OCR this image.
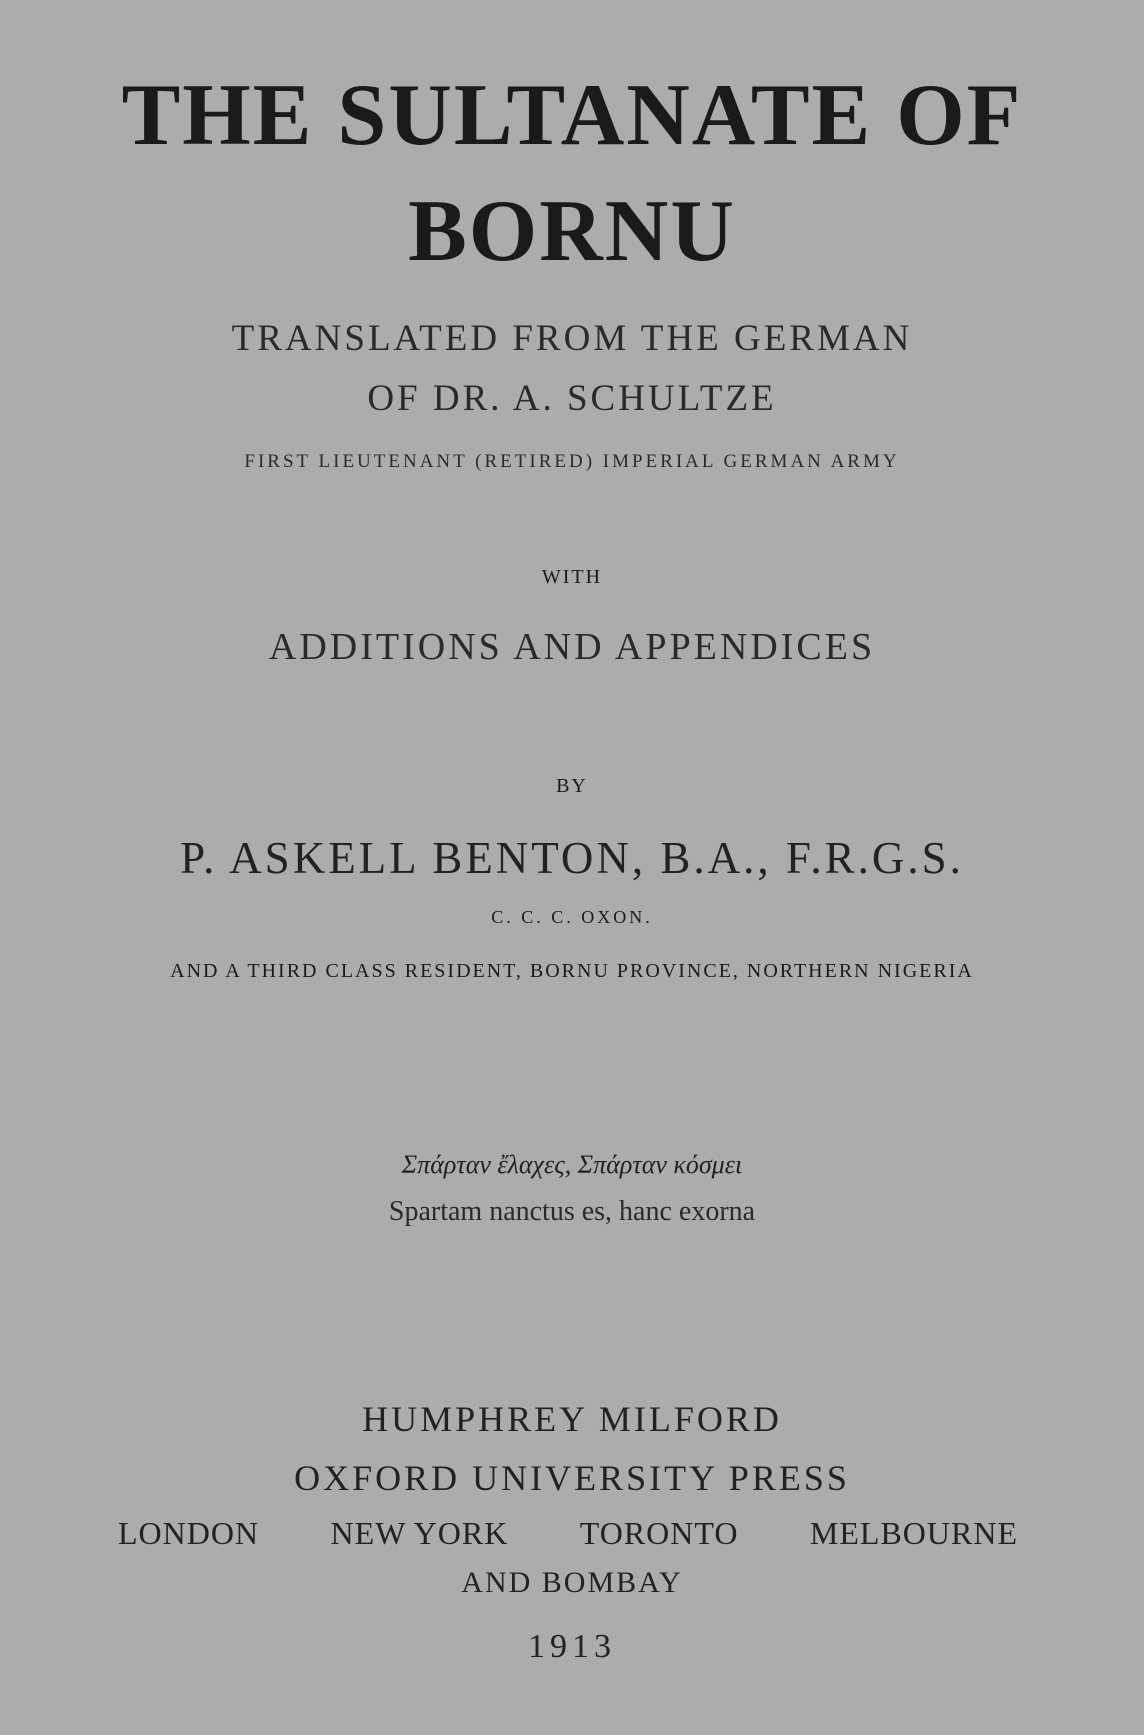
THE SULTANATE OF
BORNU

TRANSLATED FROM THE GERMAN

OF DR. A. SCHULTZE

FIRST LIEUTENANT (RETIRED) IMPERIAL GERMAN ARMY

WITH

ADDITIONS AND APPENDICES

BY

P. ASKELL BENTON, B.A., F.R.G.S.

C. C. C. OXON.

AND A THIRD CLASS RESIDENT, BORNU PROVINCE, NORTHERN NIGERIA

Σπάρταν ἔλαχες, Σπάρταν κόσμει

Spartam nanctus es, hanc exorna

HUMPHREY MILFORD

OXFORD UNIVERSITY PRESS

LONDON NEW YORK TORONTO MELBOURNE

AND BOMBAY

1913
